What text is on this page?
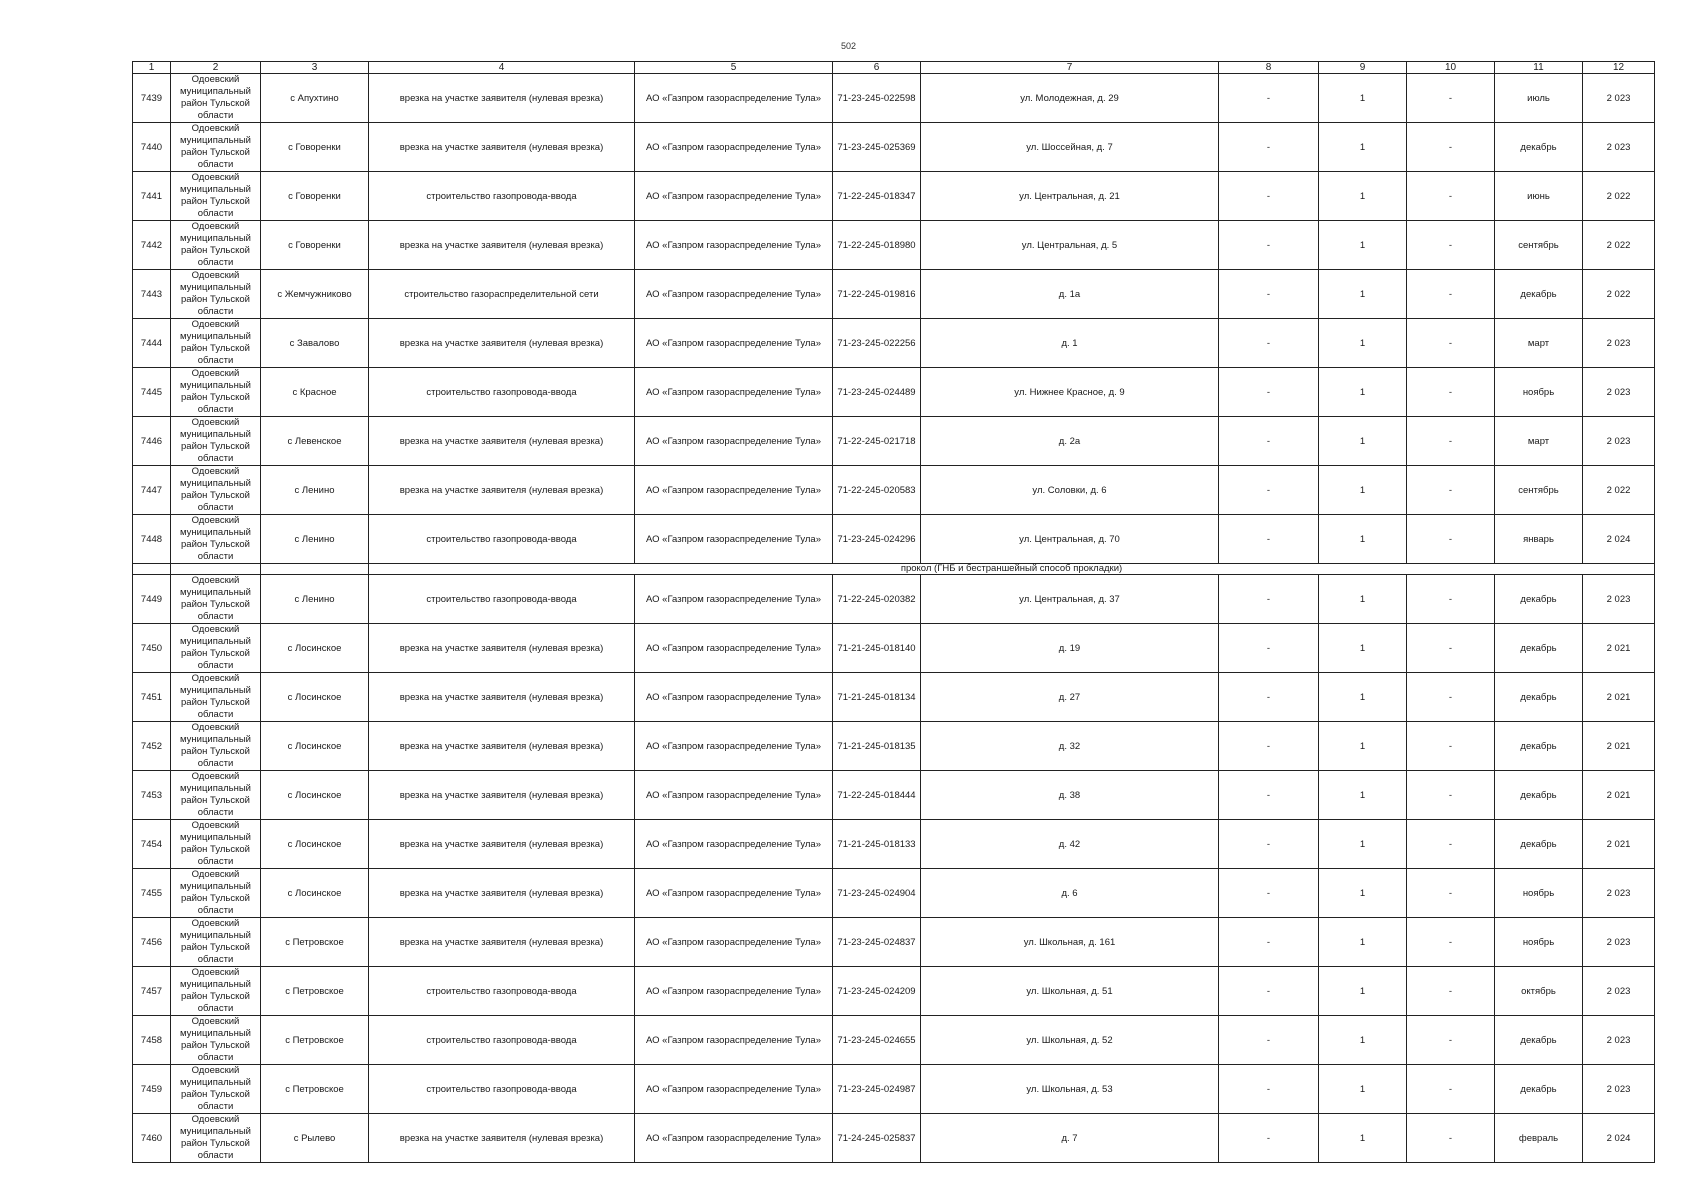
502
1	2	3	4	5	6	7	8	9	10	11	12
7439	Одоевский муниципальный район Тульской области	с Апухтино	врезка на участке заявителя (нулевая врезка)	АО «Газпром газораспределение Тула»	71-23-245-022598	ул. Молодежная, д. 29	-	1	-	июль	2 023
7440	Одоевский муниципальный район Тульской области	с Говоренки	врезка на участке заявителя (нулевая врезка)	АО «Газпром газораспределение Тула»	71-23-245-025369	ул. Шоссейная, д. 7	-	1	-	декабрь	2 023
7441	Одоевский муниципальный район Тульской области	с Говоренки	строительство газопровода-ввода	АО «Газпром газораспределение Тула»	71-22-245-018347	ул. Центральная, д. 21	-	1	-	июнь	2 022
7442	Одоевский муниципальный район Тульской области	с Говоренки	врезка на участке заявителя (нулевая врезка)	АО «Газпром газораспределение Тула»	71-22-245-018980	ул. Центральная, д. 5	-	1	-	сентябрь	2 022
7443	Одоевский муниципальный район Тульской области	с Жемчужниково	строительство газораспределительной сети	АО «Газпром газораспределение Тула»	71-22-245-019816	д. 1а	-	1	-	декабрь	2 022
7444	Одоевский муниципальный район Тульской области	с Завалово	врезка на участке заявителя (нулевая врезка)	АО «Газпром газораспределение Тула»	71-23-245-022256	д. 1	-	1	-	март	2 023
7445	Одоевский муниципальный район Тульской области	с Красное	строительство газопровода-ввода	АО «Газпром газораспределение Тула»	71-23-245-024489	ул. Нижнее Красное, д. 9	-	1	-	ноябрь	2 023
7446	Одоевский муниципальный район Тульской области	с Левенское	врезка на участке заявителя (нулевая врезка)	АО «Газпром газораспределение Тула»	71-22-245-021718	д. 2а	-	1	-	март	2 023
7447	Одоевский муниципальный район Тульской области	с Ленино	врезка на участке заявителя (нулевая врезка)	АО «Газпром газораспределение Тула»	71-22-245-020583	ул. Соловки, д. 6	-	1	-	сентябрь	2 022
7448	Одоевский муниципальный район Тульской области	с Ленино	строительство газопровода-ввода	АО «Газпром газораспределение Тула»	71-23-245-024296	ул. Центральная, д. 70	-	1	-	январь	2 024
			прокол (ГНБ и бестраншейный способ прокладки)								
7449	Одоевский муниципальный район Тульской области	с Ленино	строительство газопровода-ввода	АО «Газпром газораспределение Тула»	71-22-245-020382	ул. Центральная, д. 37	-	1	-	декабрь	2 023
7450	Одоевский муниципальный район Тульской области	с Лосинское	врезка на участке заявителя (нулевая врезка)	АО «Газпром газораспределение Тула»	71-21-245-018140	д. 19	-	1	-	декабрь	2 021
7451	Одоевский муниципальный район Тульской области	с Лосинское	врезка на участке заявителя (нулевая врезка)	АО «Газпром газораспределение Тула»	71-21-245-018134	д. 27	-	1	-	декабрь	2 021
7452	Одоевский муниципальный район Тульской области	с Лосинское	врезка на участке заявителя (нулевая врезка)	АО «Газпром газораспределение Тула»	71-21-245-018135	д. 32	-	1	-	декабрь	2 021
7453	Одоевский муниципальный район Тульской области	с Лосинское	врезка на участке заявителя (нулевая врезка)	АО «Газпром газораспределение Тула»	71-22-245-018444	д. 38	-	1	-	декабрь	2 021
7454	Одоевский муниципальный район Тульской области	с Лосинское	врезка на участке заявителя (нулевая врезка)	АО «Газпром газораспределение Тула»	71-21-245-018133	д. 42	-	1	-	декабрь	2 021
7455	Одоевский муниципальный район Тульской области	с Лосинское	врезка на участке заявителя (нулевая врезка)	АО «Газпром газораспределение Тула»	71-23-245-024904	д. 6	-	1	-	ноябрь	2 023
7456	Одоевский муниципальный район Тульской области	с Петровское	врезка на участке заявителя (нулевая врезка)	АО «Газпром газораспределение Тула»	71-23-245-024837	ул. Школьная, д. 161	-	1	-	ноябрь	2 023
7457	Одоевский муниципальный район Тульской области	с Петровское	строительство газопровода-ввода	АО «Газпром газораспределение Тула»	71-23-245-024209	ул. Школьная, д. 51	-	1	-	октябрь	2 023
7458	Одоевский муниципальный район Тульской области	с Петровское	строительство газопровода-ввода	АО «Газпром газораспределение Тула»	71-23-245-024655	ул. Школьная, д. 52	-	1	-	декабрь	2 023
7459	Одоевский муниципальный район Тульской области	с Петровское	строительство газопровода-ввода	АО «Газпром газораспределение Тула»	71-23-245-024987	ул. Школьная, д. 53	-	1	-	декабрь	2 023
7460	Одоевский муниципальный район Тульской области	с Рылево	врезка на участке заявителя (нулевая врезка)	АО «Газпром газораспределение Тула»	71-24-245-025837	д. 7	-	1	-	февраль	2 024
